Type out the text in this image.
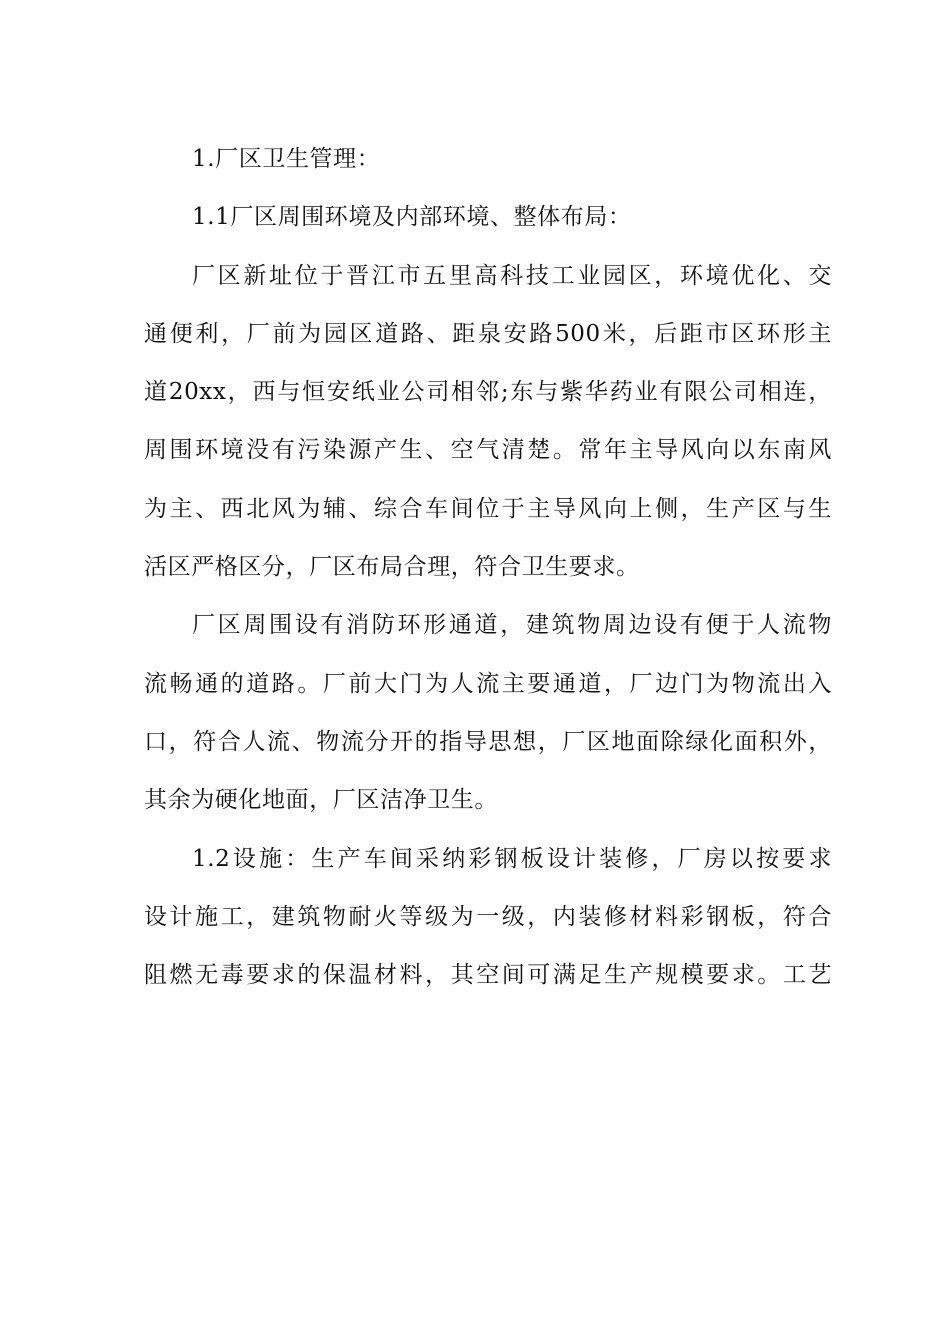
1.厂区卫生管理：
1.1厂区周围环境及内部环境、整体布局：
厂区新址位于晋江市五里高科技工业园区，环境优化、交
通便利，厂前为园区道路、距泉安路500米，后距市区环形主
道20xx，西与恒安纸业公司相邻;东与紫华药业有限公司相连，
周围环境没有污染源产生、空气清楚。常年主导风向以东南风
为主、西北风为辅、综合车间位于主导风向上侧，生产区与生
活区严格区分，厂区布局合理，符合卫生要求。
厂区周围设有消防环形通道，建筑物周边设有便于人流物
流畅通的道路。厂前大门为人流主要通道，厂边门为物流出入
口，符合人流、物流分开的指导思想，厂区地面除绿化面积外，
其余为硬化地面，厂区洁净卫生。
1.2设施：生产车间采纳彩钢板设计装修，厂房以按要求
设计施工，建筑物耐火等级为一级，内装修材料彩钢板，符合
阻燃无毒要求的保温材料，其空间可满足生产规模要求。工艺
